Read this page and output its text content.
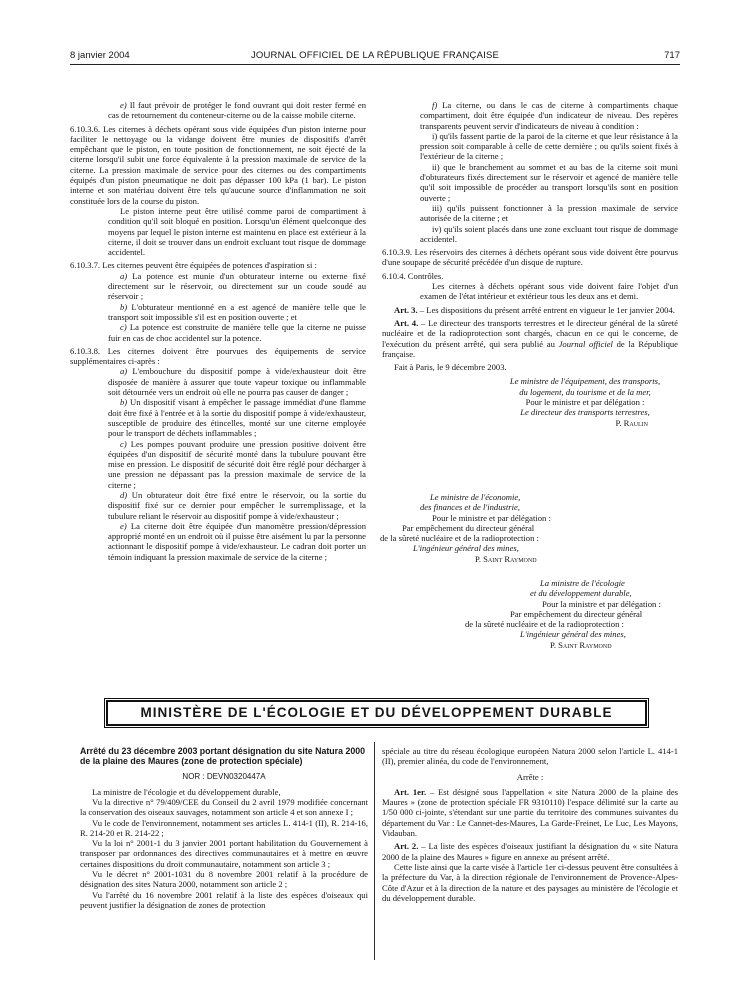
8 janvier 2004	JOURNAL OFFICIEL DE LA RÉPUBLIQUE FRANÇAISE	717

e) Il faut prévoir de protéger le fond ouvrant qui doit rester fermé en cas de retournement du conteneur-citerne ou de la caisse mobile citerne.

6.10.3.6. Les citernes à déchets opérant sous vide équipées d'un piston interne pour faciliter le nettoyage ou la vidange doivent être munies de dispositifs d'arrêt empêchant que le piston, en toute position de fonctionnement, ne soit éjecté de la citerne lorsqu'il subit une force équivalente à la pression maximale de service de la citerne. La pression maximale de service pour des citernes ou des compartiments équipés d'un piston pneumatique ne doit pas dépasser 100 kPa (1 bar). Le piston interne et son matériau doivent être tels qu'aucune source d'inflammation ne soit constituée lors de la course du piston.

Le piston interne peut être utilisé comme paroi de compartiment à condition qu'il soit bloqué en position. Lorsqu'un élément quelconque des moyens par lequel le piston interne est maintenu en place est extérieur à la citerne, il doit se trouver dans un endroit excluant tout risque de dommage accidentel.

6.10.3.7. Les citernes peuvent être équipées de potences d'aspiration si :

a) La potence est munie d'un obturateur interne ou externe fixé directement sur le réservoir, ou directement sur un coude soudé au réservoir ;

b) L'obturateur mentionné en a est agencé de manière telle que le transport soit impossible s'il est en position ouverte ; et

c) La potence est construite de manière telle que la citerne ne puisse fuir en cas de choc accidentel sur la potence.

6.10.3.8. Les citernes doivent être pourvues des équipements de service supplémentaires ci-après :

a) L'embouchure du dispositif pompe à vide/exhausteur doit être disposée de manière à assurer que toute vapeur toxique ou inflammable soit détournée vers un endroit où elle ne pourra pas causer de danger ;

b) Un dispositif visant à empêcher le passage immédiat d'une flamme doit être fixé à l'entrée et à la sortie du dispositif pompe à vide/exhausteur, susceptible de produire des étincelles, monté sur une citerne employée pour le transport de déchets inflammables ;

c) Les pompes pouvant produire une pression positive doivent être équipées d'un dispositif de sécurité monté dans la tubulure pouvant être mise en pression. Le dispositif de sécurité doit être réglé pour décharger à une pression ne dépassant pas la pression maximale de service de la citerne ;

d) Un obturateur doit être fixé entre le réservoir, ou la sortie du dispositif fixé sur ce dernier pour empêcher le surremplissage, et la tubulure reliant le réservoir au dispositif pompe à vide/exhausteur ;

e) La citerne doit être équipée d'un manomètre pression/dépression approprié monté en un endroit où il puisse être aisément lu par la personne actionnant le dispositif pompe à vide/exhausteur. Le cadran doit porter un témoin indiquant la pression maximale de service de la citerne ;

f) La citerne, ou dans le cas de citerne à compartiments chaque compartiment, doit être équipée d'un indicateur de niveau. Des repères transparents peuvent servir d'indicateurs de niveau à condition :

i) qu'ils fassent partie de la paroi de la citerne et que leur résistance à la pression soit comparable à celle de cette dernière ; ou qu'ils soient fixés à l'extérieur de la citerne ;

ii) que le branchement au sommet et au bas de la citerne soit muni d'obturateurs fixés directement sur le réservoir et agencé de manière telle qu'il soit impossible de procéder au transport lorsqu'ils sont en position ouverte ;

iii) qu'ils puissent fonctionner à la pression maximale de service autorisée de la citerne ; et

iv) qu'ils soient placés dans une zone excluant tout risque de dommage accidentel.

6.10.3.9. Les réservoirs des citernes à déchets opérant sous vide doivent être pourvus d'une soupape de sécurité précédée d'un disque de rupture.

6.10.4. Contrôles.

Les citernes à déchets opérant sous vide doivent faire l'objet d'un examen de l'état intérieur et extérieur tous les deux ans et demi.

Art. 3. – Les dispositions du présent arrêté entrent en vigueur le 1er janvier 2004.

Art. 4. – Le directeur des transports terrestres et le directeur général de la sûreté nucléaire et de la radioprotection sont chargés, chacun en ce qui le concerne, de l'exécution du présent arrêté, qui sera publié au Journal officiel de la République française.

Fait à Paris, le 9 décembre 2003.

Le ministre de l'équipement, des transports,
du logement, du tourisme et de la mer,
Pour le ministre et par délégation :
Le directeur des transports terrestres,
P. Raulin
Le ministre de l'économie,
des finances et de l'industrie,
Pour le ministre et par délégation :
Par empêchement du directeur général
de la sûreté nucléaire et de la radioprotection :
L'ingénieur général des mines,
P. Saint Raymond
La ministre de l'écologie
et du développement durable,
Pour la ministre et par délégation :
Par empêchement du directeur général
de la sûreté nucléaire et de la radioprotection :
L'ingénieur général des mines,
P. Saint Raymond
MINISTÈRE DE L'ÉCOLOGIE ET DU DÉVELOPPEMENT DURABLE
Arrêté du 23 décembre 2003 portant désignation du site Natura 2000 de la plaine des Maures (zone de protection spéciale)
NOR : DEVN0320447A

La ministre de l'écologie et du développement durable,

Vu la directive n° 79/409/CEE du Conseil du 2 avril 1979 modifiée concernant la conservation des oiseaux sauvages, notamment son article 4 et son annexe I ;

Vu le code de l'environnement, notamment ses articles L. 414-1 (II), R. 214-16, R. 214-20 et R. 214-22 ;

Vu la loi n° 2001-1 du 3 janvier 2001 portant habilitation du Gouvernement à transposer par ordonnances des directives communautaires et à mettre en œuvre certaines dispositions du droit communautaire, notamment son article 3 ;

Vu le décret n° 2001-1031 du 8 novembre 2001 relatif à la procédure de désignation des sites Natura 2000, notamment son article 2 ;

Vu l'arrêté du 16 novembre 2001 relatif à la liste des espèces d'oiseaux qui peuvent justifier la désignation de zones de protection

spéciale au titre du réseau écologique européen Natura 2000 selon l'article L. 414-1 (II), premier alinéa, du code de l'environnement,

Arrête :

Art. 1er. – Est désigné sous l'appellation « site Natura 2000 de la plaine des Maures » (zone de protection spéciale FR 9310110) l'espace délimité sur la carte au 1/50 000 ci-jointe, s'étendant sur une partie du territoire des communes suivantes du département du Var : Le Cannet-des-Maures, La Garde-Freinet, Le Luc, Les Mayons, Vidauban.

Art. 2. – La liste des espèces d'oiseaux justifiant la désignation du « site Natura 2000 de la plaine des Maures » figure en annexe au présent arrêté.

Cette liste ainsi que la carte visée à l'article 1er ci-dessus peuvent être consultées à la préfecture du Var, à la direction régionale de l'environnement de Provence-Alpes-Côte d'Azur et à la direction de la nature et des paysages au ministère de l'écologie et du développement durable.
